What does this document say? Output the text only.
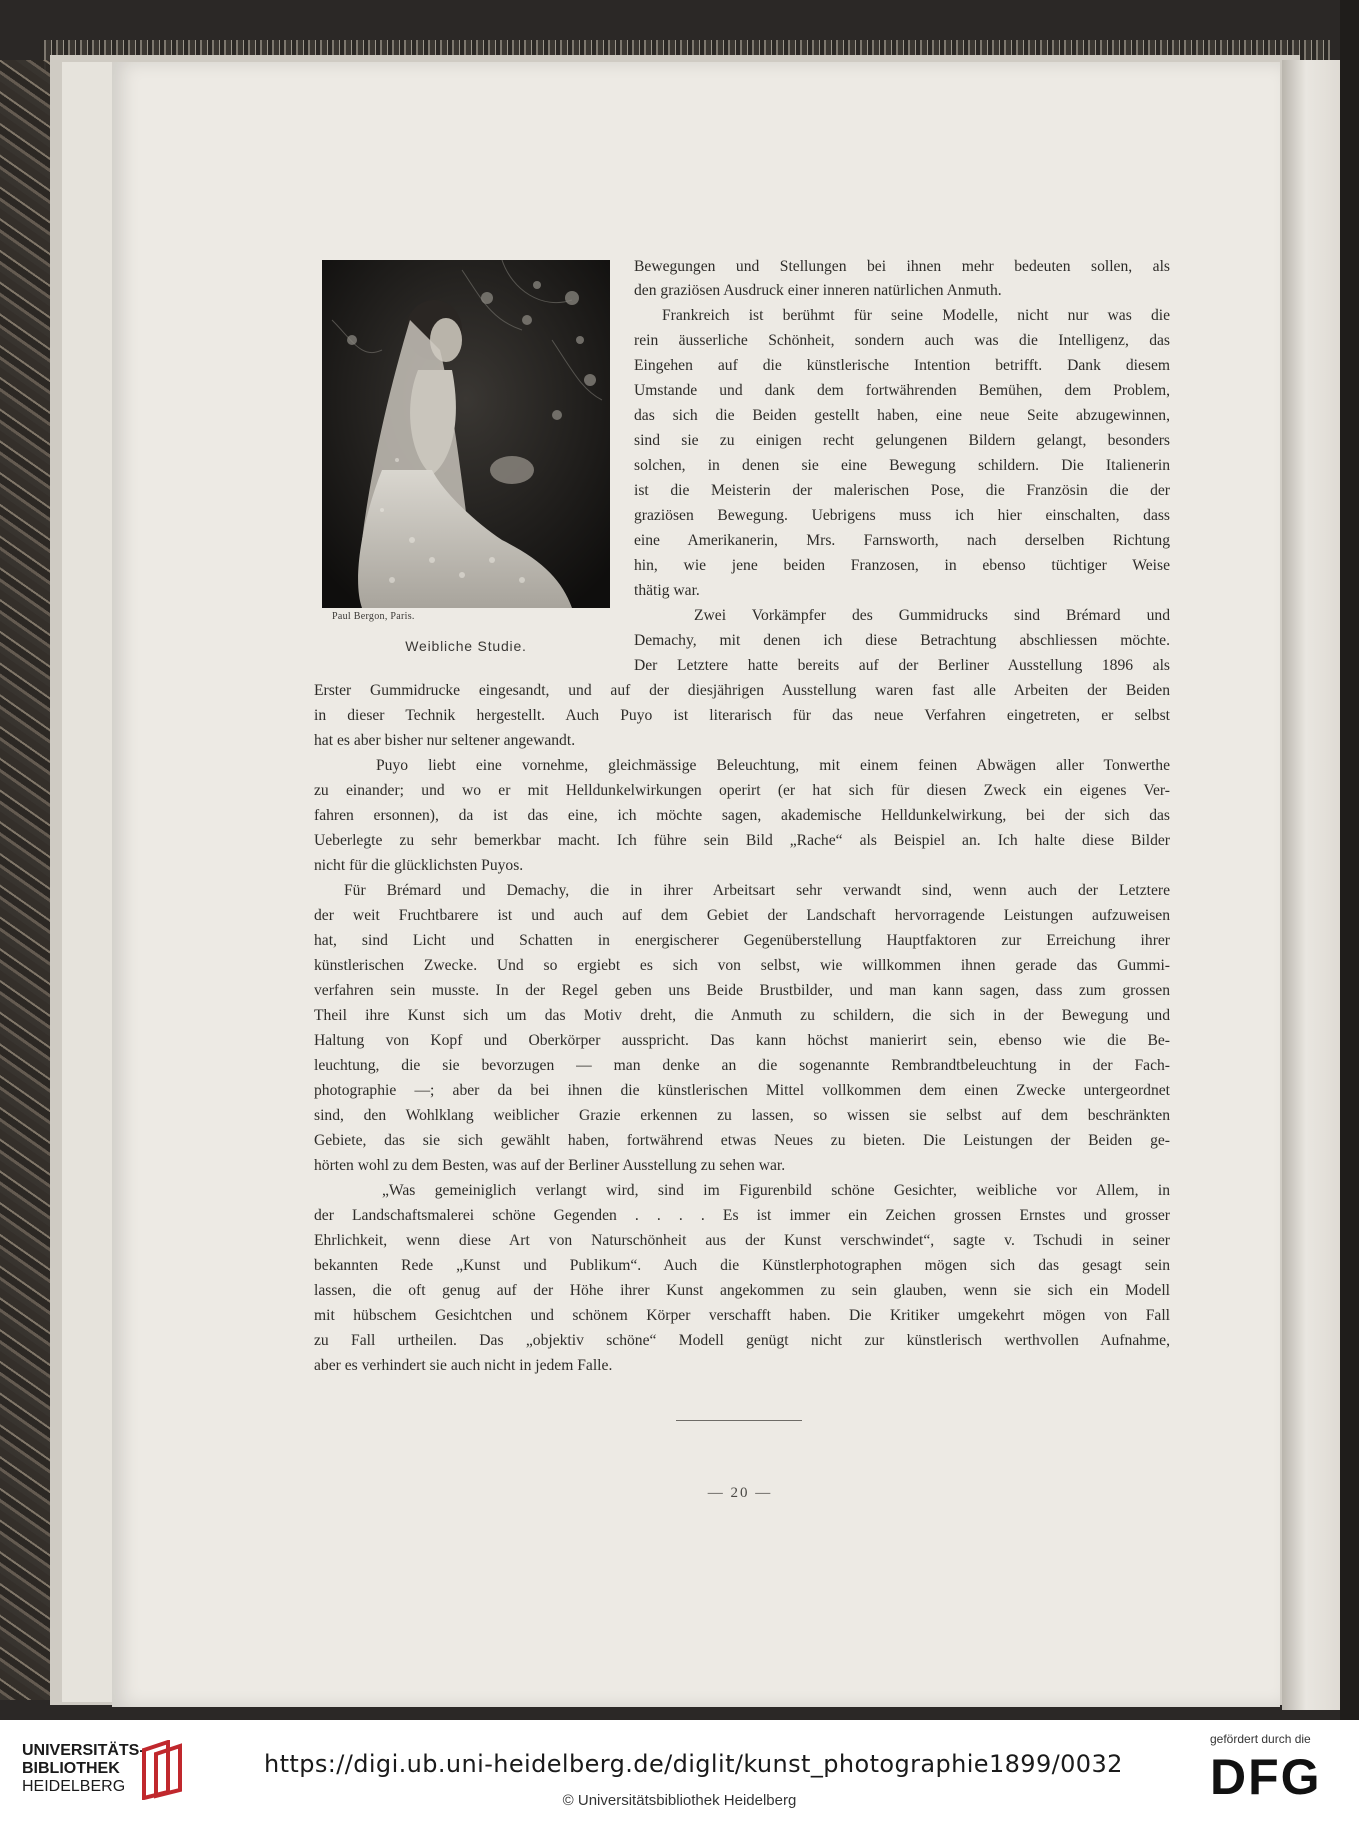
Paul Bergon, Paris.
Weibliche Studie.
Bewegungen und Stellungen bei ihnen mehr bedeuten sollen, als
den graziösen Ausdruck einer inneren natürlichen Anmuth.
Frankreich ist berühmt für seine Modelle, nicht nur was die
rein äusserliche Schönheit, sondern auch was die Intelligenz, das
Eingehen auf die künstlerische Intention betrifft. Dank diesem
Umstande und dank dem fortwährenden Bemühen, dem Problem,
das sich die Beiden gestellt haben, eine neue Seite abzugewinnen,
sind sie zu einigen recht gelungenen Bildern gelangt, besonders
solchen, in denen sie eine Bewegung schildern. Die Italienerin
ist die Meisterin der malerischen Pose, die Französin die der
graziösen Bewegung. Uebrigens muss ich hier einschalten, dass
eine Amerikanerin, Mrs. Farnsworth, nach derselben Richtung
hin, wie jene beiden Franzosen, in ebenso tüchtiger Weise
thätig war.
Zwei Vorkämpfer des Gummidrucks sind Brémard und
Demachy, mit denen ich diese Betrachtung abschliessen möchte.
Der Letztere hatte bereits auf der Berliner Ausstellung 1896 als
Erster Gummidrucke eingesandt, und auf der diesjährigen Ausstellung waren fast alle Arbeiten der Beiden
in dieser Technik hergestellt. Auch Puyo ist literarisch für das neue Verfahren eingetreten, er selbst
hat es aber bisher nur seltener angewandt.
Puyo liebt eine vornehme, gleichmässige Beleuchtung, mit einem feinen Abwägen aller Tonwerthe
zu einander; und wo er mit Helldunkelwirkungen operirt (er hat sich für diesen Zweck ein eigenes Ver-
fahren ersonnen), da ist das eine, ich möchte sagen, akademische Helldunkelwirkung, bei der sich das
Ueberlegte zu sehr bemerkbar macht. Ich führe sein Bild „Rache“ als Beispiel an. Ich halte diese Bilder
nicht für die glücklichsten Puyos.
Für Brémard und Demachy, die in ihrer Arbeitsart sehr verwandt sind, wenn auch der Letztere
der weit Fruchtbarere ist und auch auf dem Gebiet der Landschaft hervorragende Leistungen aufzuweisen
hat, sind Licht und Schatten in energischerer Gegenüberstellung Hauptfaktoren zur Erreichung ihrer
künstlerischen Zwecke. Und so ergiebt es sich von selbst, wie willkommen ihnen gerade das Gummi-
verfahren sein musste. In der Regel geben uns Beide Brustbilder, und man kann sagen, dass zum grossen
Theil ihre Kunst sich um das Motiv dreht, die Anmuth zu schildern, die sich in der Bewegung und
Haltung von Kopf und Oberkörper ausspricht. Das kann höchst manierirt sein, ebenso wie die Be-
leuchtung, die sie bevorzugen — man denke an die sogenannte Rembrandtbeleuchtung in der Fach-
photographie —; aber da bei ihnen die künstlerischen Mittel vollkommen dem einen Zwecke untergeordnet
sind, den Wohlklang weiblicher Grazie erkennen zu lassen, so wissen sie selbst auf dem beschränkten
Gebiete, das sie sich gewählt haben, fortwährend etwas Neues zu bieten. Die Leistungen der Beiden ge-
hörten wohl zu dem Besten, was auf der Berliner Ausstellung zu sehen war.
„Was gemeiniglich verlangt wird, sind im Figurenbild schöne Gesichter, weibliche vor Allem, in
der Landschaftsmalerei schöne Gegenden . . . . Es ist immer ein Zeichen grossen Ernstes und grosser
Ehrlichkeit, wenn diese Art von Naturschönheit aus der Kunst verschwindet“, sagte v. Tschudi in seiner
bekannten Rede „Kunst und Publikum“. Auch die Künstlerphotographen mögen sich das gesagt sein
lassen, die oft genug auf der Höhe ihrer Kunst angekommen zu sein glauben, wenn sie sich ein Modell
mit hübschem Gesichtchen und schönem Körper verschafft haben. Die Kritiker umgekehrt mögen von Fall
zu Fall urtheilen. Das „objektiv schöne“ Modell genügt nicht zur künstlerisch werthvollen Aufnahme,
aber es verhindert sie auch nicht in jedem Falle.
— 20 —
UNIVERSITÄTS-
BIBLIOTHEK
HEIDELBERG
https://digi.ub.uni-heidelberg.de/diglit/kunst_photographie1899/0032
© Universitätsbibliothek Heidelberg
gefördert durch die
DFG
